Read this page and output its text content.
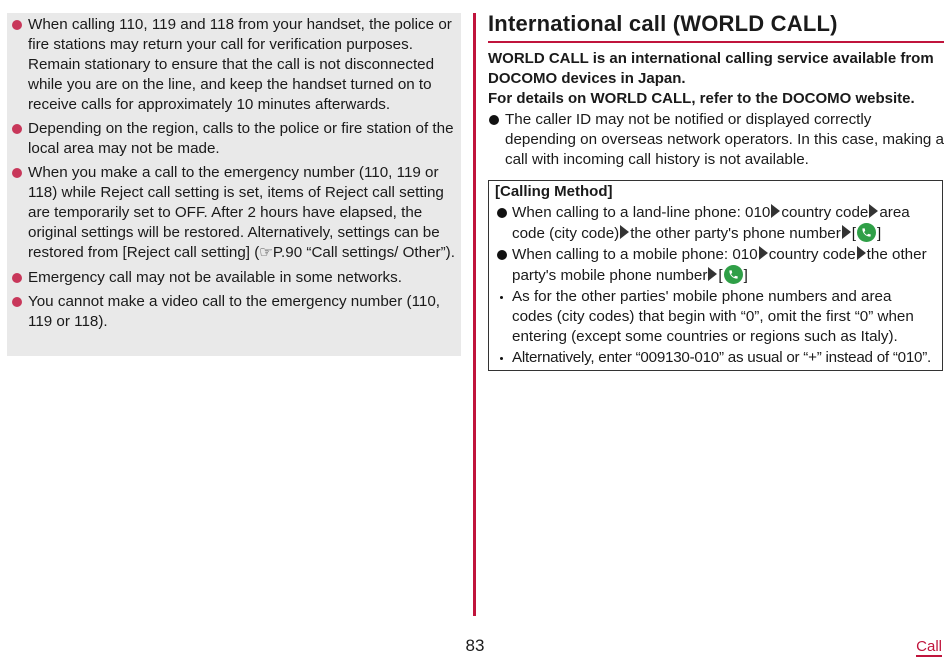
When calling 110, 119 and 118 from your handset, the police or fire stations may return your call for verification purposes. Remain stationary to ensure that the call is not disconnected while you are on the line, and keep the handset turned on to receive calls for approximately 10 minutes afterwards.
Depending on the region, calls to the police or fire station of the local area may not be made.
When you make a call to the emergency number (110, 119 or 118) while Reject call setting is set, items of Reject call setting are temporarily set to OFF. After 2 hours have elapsed, the original settings will be restored. Alternatively, settings can be restored from [Reject call setting] (☞P.90 “Call settings/ Other”).
Emergency call may not be available in some networks.
You cannot make a video call to the emergency number (110, 119 or 118).
International call (WORLD CALL)
WORLD CALL is an international calling service available from DOCOMO devices in Japan.
For details on WORLD CALL, refer to the DOCOMO website.
The caller ID may not be notified or displayed correctly depending on overseas network operators. In this case, making a call with incoming call history is not available.
[Calling Method]
When calling to a land-line phone: 010 country code area code (city code) the other party's phone number [ ]
When calling to a mobile phone: 010 country code the other party's mobile phone number [ ]
As for the other parties' mobile phone numbers and area codes (city codes) that begin with “0”, omit the first “0” when entering (except some countries or regions such as Italy).
Alternatively, enter “009130-010” as usual or “+” instead of “010”.
83	Call
